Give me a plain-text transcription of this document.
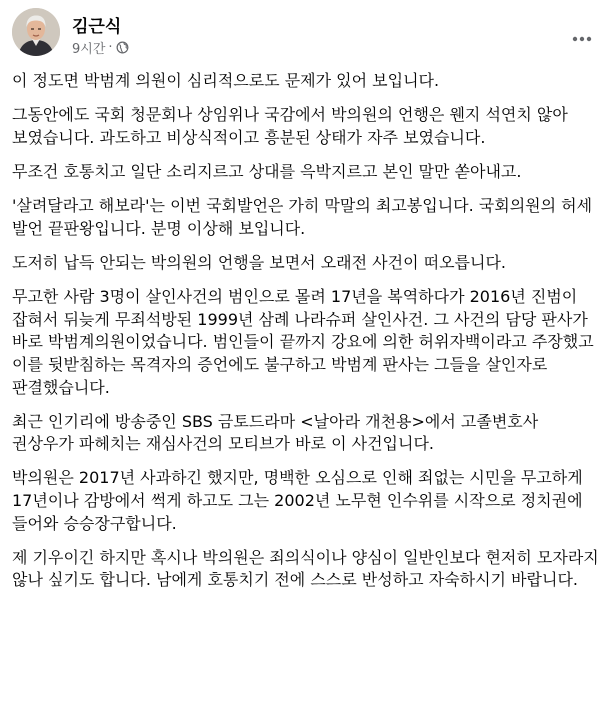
김근식
9시간 ·

이 정도면 박범계 의원이 심리적으로도 문제가 있어 보입니다.

그동안에도 국회 청문회나 상임위나 국감에서 박의원의 언행은 웬지 석연치 않아 보였습니다. 과도하고 비상식적이고 흥분된 상태가 자주 보였습니다.

무조건 호통치고 일단 소리지르고 상대를 윽박지르고 본인 말만 쏟아내고.

'살려달라고 해보라'는 이번 국회발언은 가히 막말의 최고봉입니다. 국회의원의 허세 발언 끝판왕입니다. 분명 이상해 보입니다.

도저히 납득 안되는 박의원의 언행을 보면서 오래전 사건이 떠오릅니다.

무고한 사람 3명이 살인사건의 범인으로 몰려 17년을 복역하다가 2016년 진범이 잡혀서 뒤늦게 무죄석방된 1999년 삼례 나라슈퍼 살인사건. 그 사건의 담당 판사가 바로 박범계의원이었습니다. 범인들이 끝까지 강요에 의한 허위자백이라고 주장했고 이를 뒷받침하는 목격자의 증언에도 불구하고 박범계 판사는 그들을 살인자로 판결했습니다.

최근 인기리에 방송중인 SBS 금토드라마 <날아라 개천용>에서 고졸변호사 권상우가 파헤치는 재심사건의 모티브가 바로 이 사건입니다.

박의원은 2017년 사과하긴 했지만, 명백한 오심으로 인해 죄없는 시민을 무고하게 17년이나 감방에서 썩게 하고도 그는 2002년 노무현 인수위를 시작으로 정치권에 들어와 승승장구합니다.

제 기우이긴 하지만 혹시나 박의원은 죄의식이나 양심이 일반인보다 현저히 모자라지 않나 싶기도 합니다. 남에게 호통치기 전에 스스로 반성하고 자숙하시기 바랍니다.
